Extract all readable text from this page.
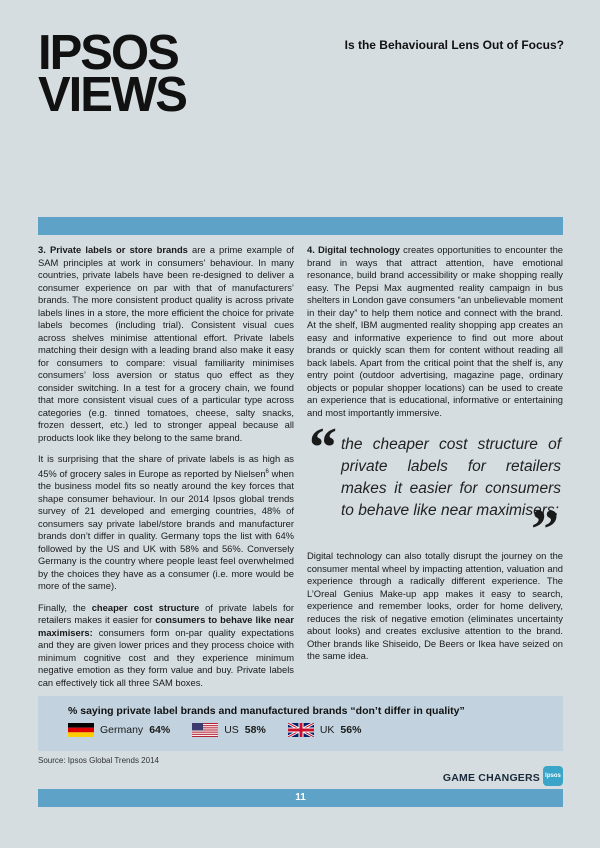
IPSOS
VIEWS
Is the Behavioural Lens Out of Focus?

3. Private labels or store brands are a prime example of SAM principles at work in consumers’ behaviour. In many countries, private labels have been re-designed to deliver a consumer experience on par with that of manufacturers’ brands. The more consistent product quality is across private labels lines in a store, the more efficient the choice for private labels becomes (including trial). Consistent visual cues across shelves minimise attentional effort. Private labels matching their design with a leading brand also make it easy for consumers to compare: visual familiarity minimises consumers’ loss aversion or status quo effect as they consider switching. In a test for a grocery chain, we found that more consistent visual cues of a particular type across categories (e.g. tinned tomatoes, cheese, salty snacks, frozen dessert, etc.) led to stronger appeal because all products look like they belong to the same brand.

It is surprising that the share of private labels is as high as 45% of grocery sales in Europe as reported by Nielsen$^6$ when the business model fits so neatly around the key forces that shape consumer behaviour. In our 2014 Ipsos global trends survey of 21 developed and emerging countries, 48% of consumers say private label/store brands and manufacturer brands don’t differ in quality. Germany tops the list with 64% followed by the US and UK with 58% and 56%. Conversely Germany is the country where people least feel overwhelmed by the choices they have as a consumer (i.e. more would be more of the same).

Finally, the cheaper cost structure of private labels for retailers makes it easier for consumers to behave like near maximisers: consumers form on-par quality expectations and they are given lower prices and they process choice with minimum cognitive cost and they experience minimum negative emotion as they form value and buy. Private labels can effectively tick all three SAM boxes.

4. Digital technology creates opportunities to encounter the brand in ways that attract attention, have emotional resonance, build brand accessibility or make shopping really easy. The Pepsi Max augmented reality campaign in bus shelters in London gave consumers “an unbelievable moment in their day” to help them notice and connect with the brand. At the shelf, IBM augmented reality shopping app creates an easy and informative experience to find out more about brands or quickly scan them for content without reading all back labels. Apart from the critical point that the shelf is, any entry point (outdoor advertising, magazine page, ordinary objects or popular shopper locations) can be used to create an experience that is educational, informative or entertaining and most importantly immersive.

“ the cheaper cost structure of private labels for retailers makes it easier for consumers to behave like near maximisers:
”

Digital technology can also totally disrupt the journey on the consumer mental wheel by impacting attention, valuation and experience through a radically different experience. The L’Oreal Genius Make-up app makes it easy to search, experience and remember looks, order for home delivery, reduces the risk of negative emotion (eliminates uncertainty about looks) and creates exclusive attention to the brand. Other brands like Shiseido, De Beers or Ikea have seized on the same idea.

% saying private label brands and manufactured brands “don’t differ in quality”
Germany 64%	US 58%	UK 56%
Source: Ipsos Global Trends 2014
GAME CHANGERS Ipsos
11
